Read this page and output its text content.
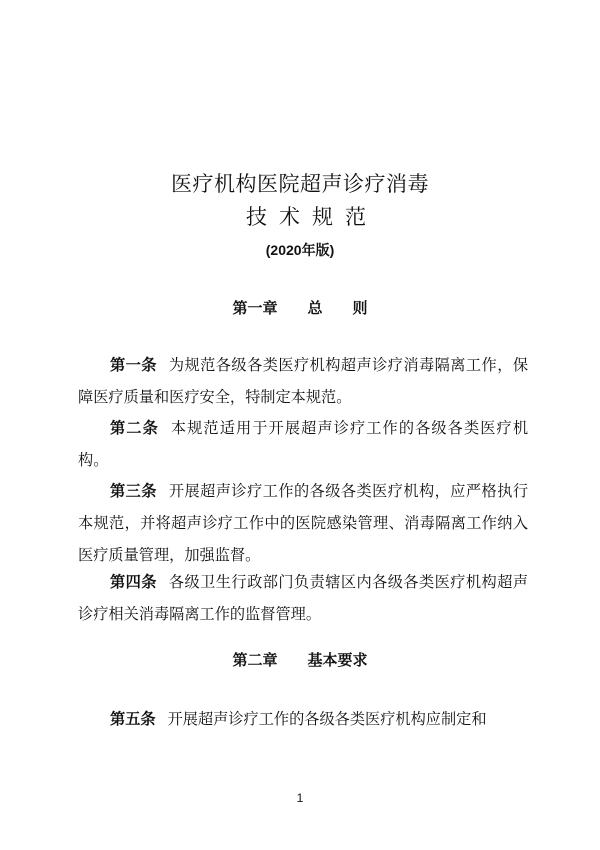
医疗机构医院超声诊疗消毒
技术规范
(2020年版)
第一章　　总　　则
第一条 为规范各级各类医疗机构超声诊疗消毒隔离工作，保障医疗质量和医疗安全，特制定本规范。
第二条 本规范适用于开展超声诊疗工作的各级各类医疗机构。
第三条 开展超声诊疗工作的各级各类医疗机构，应严格执行本规范，并将超声诊疗工作中的医院感染管理、消毒隔离工作纳入医疗质量管理，加强监督。
第四条 各级卫生行政部门负责辖区内各级各类医疗机构超声诊疗相关消毒隔离工作的监督管理。
第二章　　基本要求
第五条 开展超声诊疗工作的各级各类医疗机构应制定和
1
